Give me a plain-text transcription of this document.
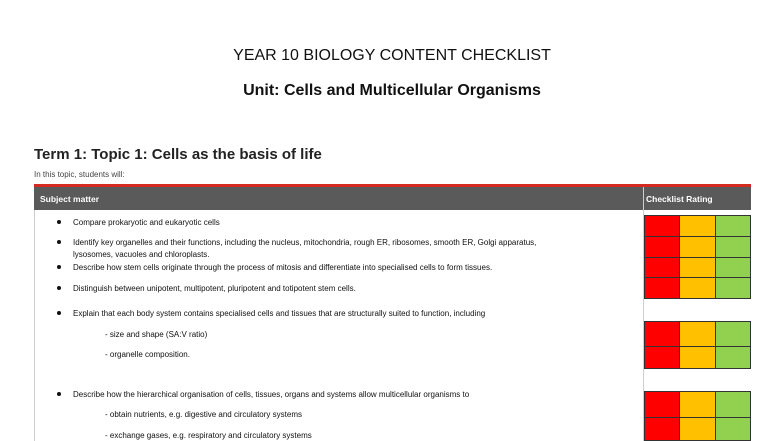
YEAR 10 BIOLOGY CONTENT CHECKLIST
Unit: Cells and Multicellular Organisms
Term 1: Topic 1: Cells as the basis of life
In this topic, students will:
Subject matter	Checklist Rating
Compare prokaryotic and eukaryotic cells
Identify key organelles and their functions, including the nucleus, mitochondria, rough ER, ribosomes, smooth ER, Golgi apparatus,
lysosomes, vacuoles and chloroplasts.
Describe how stem cells originate through the process of mitosis and differentiate into specialised cells to form tissues.
Distinguish between unipotent, multipotent, pluripotent and totipotent stem cells.
Explain that each body system contains specialised cells and tissues that are structurally suited to function, including
- size and shape (SA:V ratio)
- organelle composition.
Describe how the hierarchical organisation of cells, tissues, organs and systems allow multicellular organisms to
- obtain nutrients, e.g. digestive and circulatory systems
- exchange gases, e.g. respiratory and circulatory systems
